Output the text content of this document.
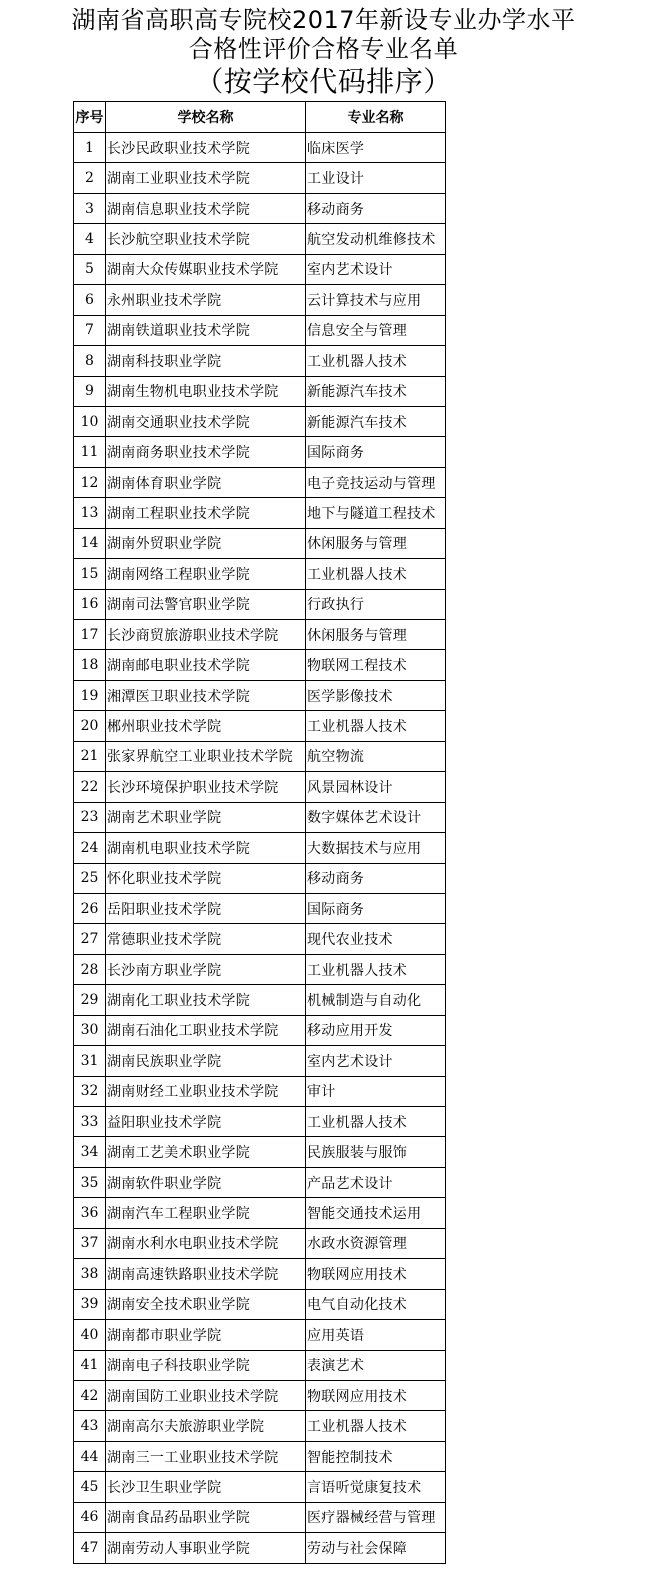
湖南省高职高专院校2017年新设专业办学水平
合格性评价合格专业名单
（按学校代码排序）
序号	学校名称	专业名称
1	长沙民政职业技术学院	临床医学
2	湖南工业职业技术学院	工业设计
3	湖南信息职业技术学院	移动商务
4	长沙航空职业技术学院	航空发动机维修技术
5	湖南大众传媒职业技术学院	室内艺术设计
6	永州职业技术学院	云计算技术与应用
7	湖南铁道职业技术学院	信息安全与管理
8	湖南科技职业学院	工业机器人技术
9	湖南生物机电职业技术学院	新能源汽车技术
10	湖南交通职业技术学院	新能源汽车技术
11	湖南商务职业技术学院	国际商务
12	湖南体育职业学院	电子竞技运动与管理
13	湖南工程职业技术学院	地下与隧道工程技术
14	湖南外贸职业学院	休闲服务与管理
15	湖南网络工程职业学院	工业机器人技术
16	湖南司法警官职业学院	行政执行
17	长沙商贸旅游职业技术学院	休闲服务与管理
18	湖南邮电职业技术学院	物联网工程技术
19	湘潭医卫职业技术学院	医学影像技术
20	郴州职业技术学院	工业机器人技术
21	张家界航空工业职业技术学院	航空物流
22	长沙环境保护职业技术学院	风景园林设计
23	湖南艺术职业学院	数字媒体艺术设计
24	湖南机电职业技术学院	大数据技术与应用
25	怀化职业技术学院	移动商务
26	岳阳职业技术学院	国际商务
27	常德职业技术学院	现代农业技术
28	长沙南方职业学院	工业机器人技术
29	湖南化工职业技术学院	机械制造与自动化
30	湖南石油化工职业技术学院	移动应用开发
31	湖南民族职业学院	室内艺术设计
32	湖南财经工业职业技术学院	审计
33	益阳职业技术学院	工业机器人技术
34	湖南工艺美术职业学院	民族服装与服饰
35	湖南软件职业学院	产品艺术设计
36	湖南汽车工程职业学院	智能交通技术运用
37	湖南水利水电职业技术学院	水政水资源管理
38	湖南高速铁路职业技术学院	物联网应用技术
39	湖南安全技术职业学院	电气自动化技术
40	湖南都市职业学院	应用英语
41	湖南电子科技职业学院	表演艺术
42	湖南国防工业职业技术学院	物联网应用技术
43	湖南高尔夫旅游职业学院	工业机器人技术
44	湖南三一工业职业技术学院	智能控制技术
45	长沙卫生职业学院	言语听觉康复技术
46	湖南食品药品职业学院	医疗器械经营与管理
47	湖南劳动人事职业学院	劳动与社会保障
